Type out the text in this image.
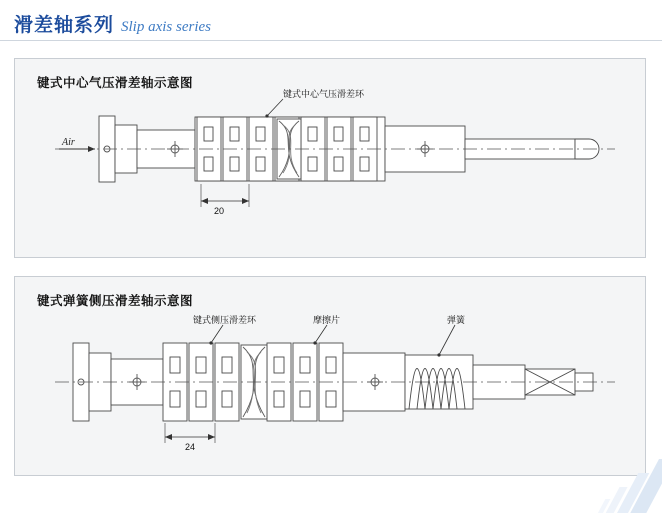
滑差轴系列 Slip axis series
键式中心气压滑差轴示意图
Air
键式中心气压滑差环
20
键式弹簧侧压滑差轴示意图
键式侧压滑差环	摩擦片	弹簧
24
